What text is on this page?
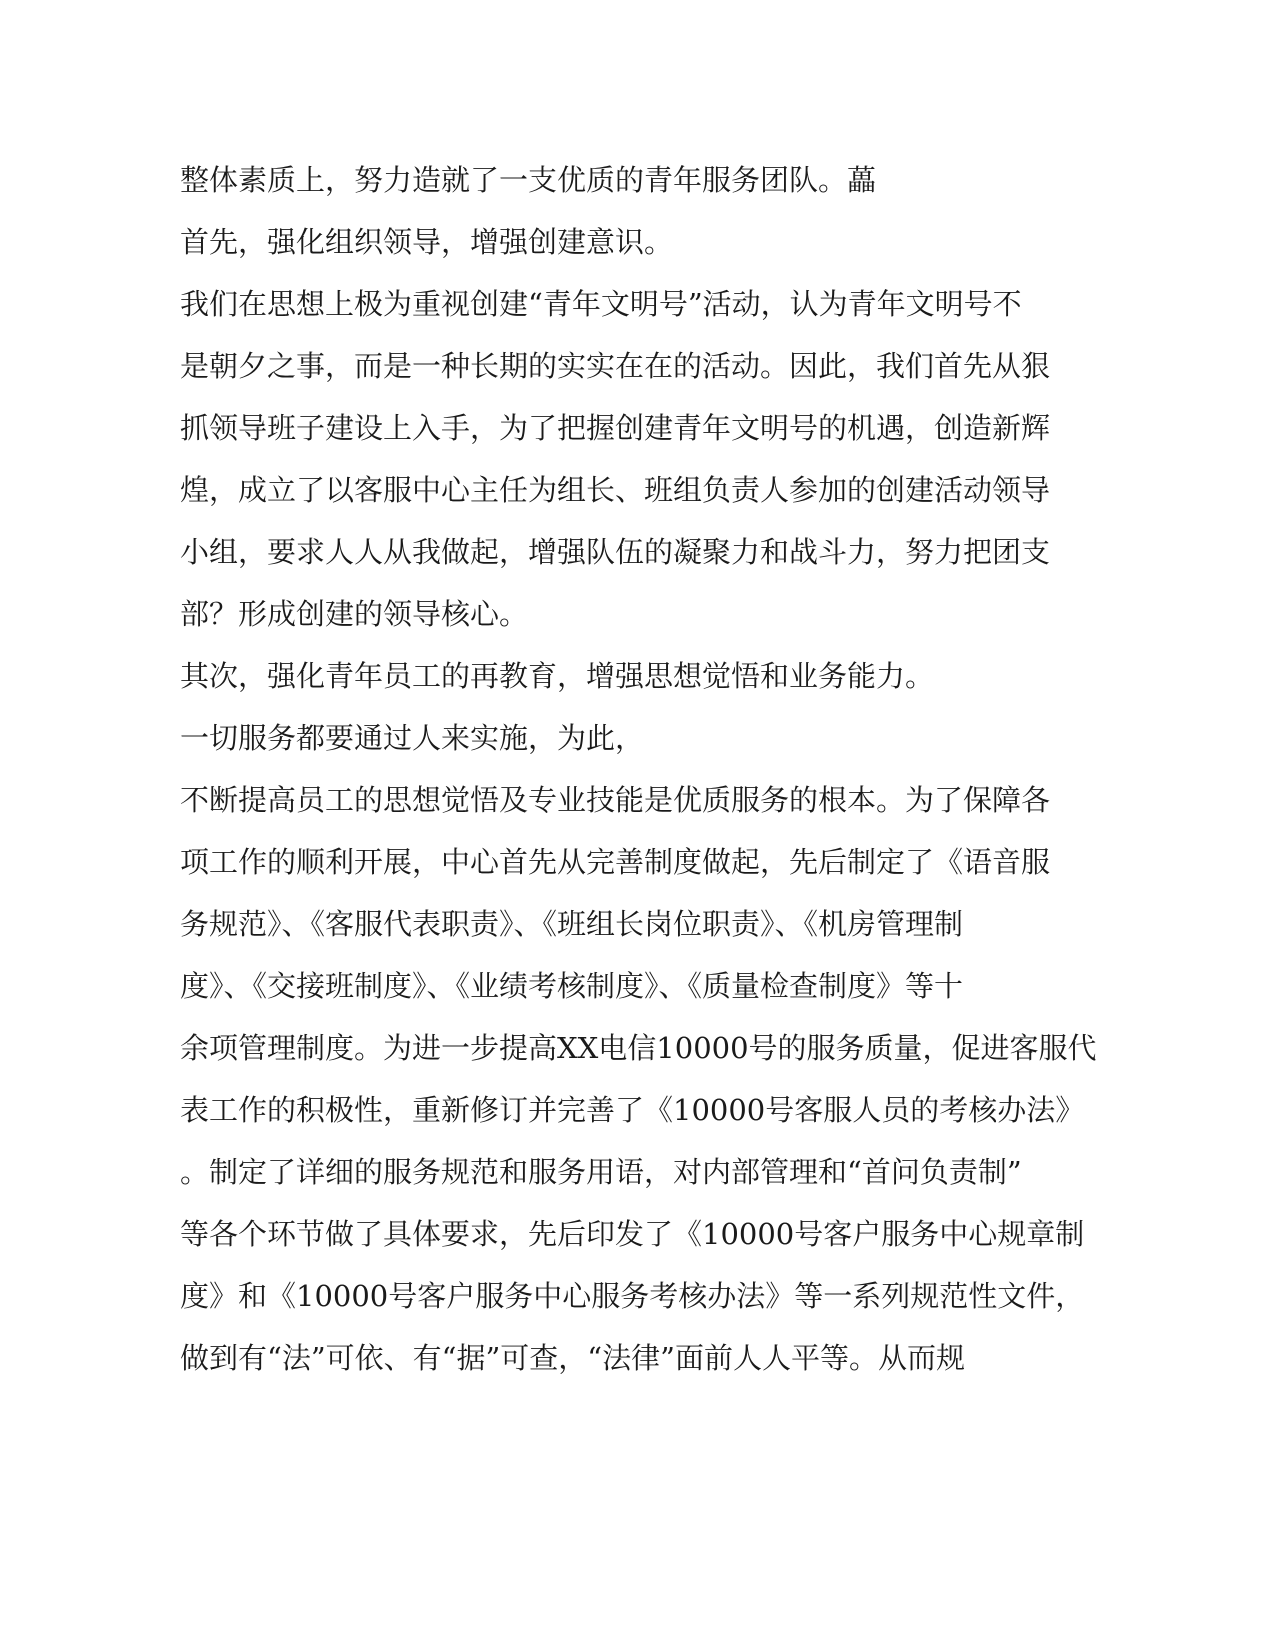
整体素质上，努力造就了一支优质的青年服务团队。藟
首先，强化组织领导，增强创建意识。
我们在思想上极为重视创建“青年文明号”活动，认为青年文明号不
是朝夕之事，而是一种长期的实实在在的活动。因此，我们首先从狠
抓领导班子建设上入手，为了把握创建青年文明号的机遇，创造新辉
煌，成立了以客服中心主任为组长、班组负责人参加的创建活动领导
小组，要求人人从我做起，增强队伍的凝聚力和战斗力，努力把团支
部？形成创建的领导核心。
其次，强化青年员工的再教育，增强思想觉悟和业务能力。
一切服务都要通过人来实施，为此，
不断提高员工的思想觉悟及专业技能是优质服务的根本。为了保障各
项工作的顺利开展，中心首先从完善制度做起，先后制定了《语音服
务规范》、《客服代表职责》、《班组长岗位职责》、《机房管理制
度》、《交接班制度》、《业绩考核制度》、《质量检查制度》等十
余项管理制度。为进一步提高XX电信10000号的服务质量，促进客服代
表工作的积极性，重新修订并完善了《10000号客服人员的考核办法》
。制定了详细的服务规范和服务用语，对内部管理和“首问负责制”
等各个环节做了具体要求，先后印发了《10000号客户服务中心规章制
度》和《10000号客户服务中心服务考核办法》等一系列规范性文件，
做到有“法”可依、有“据”可查，“法律”面前人人平等。从而规
